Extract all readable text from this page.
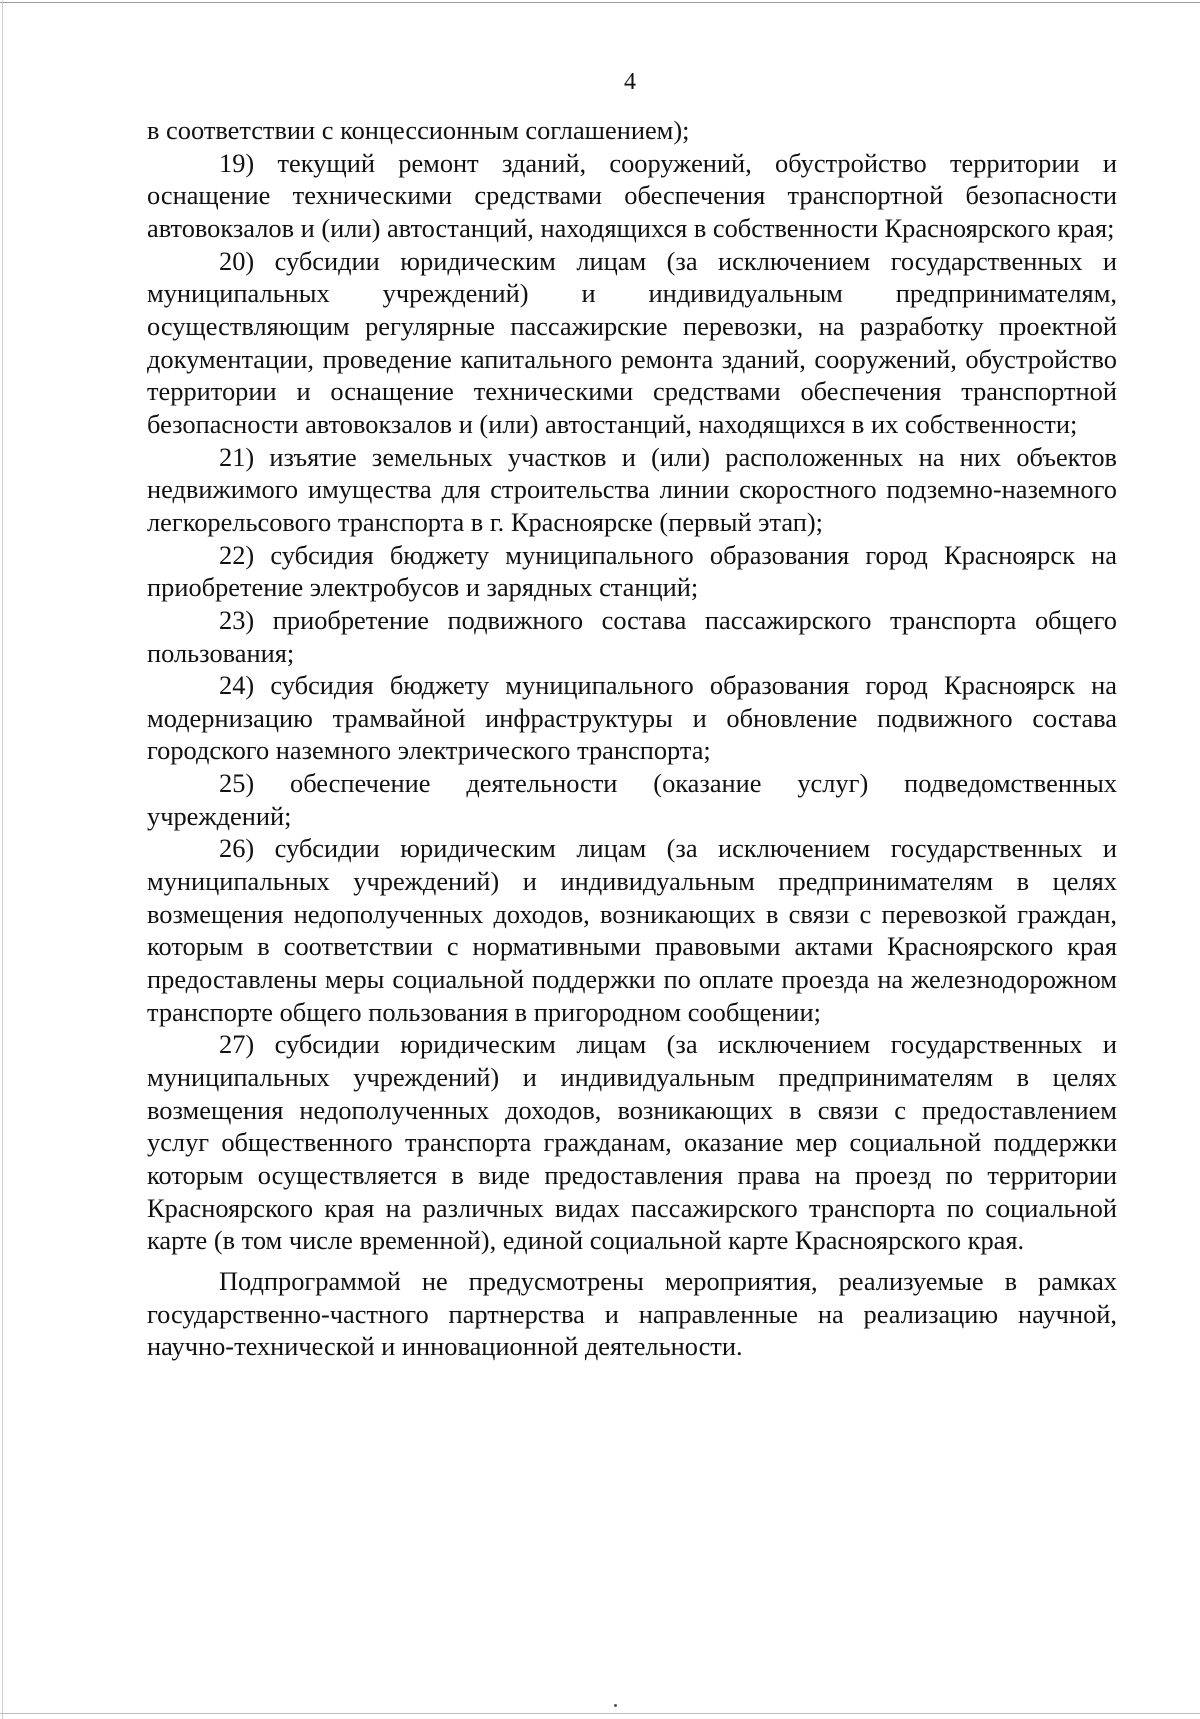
4

в соответствии с концессионным соглашением);

19) текущий ремонт зданий, сооружений, обустройство территории и оснащение техническими средствами обеспечения транспортной безопасности автовокзалов и (или) автостанций, находящихся в собственности Красноярского края;

20) субсидии юридическим лицам (за исключением государственных и муниципальных учреждений) и индивидуальным предпринимателям, осуществляющим регулярные пассажирские перевозки, на разработку проектной документации, проведение капитального ремонта зданий, сооружений, обустройство территории и оснащение техническими средствами обеспечения транспортной безопасности автовокзалов и (или) автостанций, находящихся в их собственности;

21) изъятие земельных участков и (или) расположенных на них объектов недвижимого имущества для строительства линии скоростного подземно-наземного легкорельсового транспорта в г. Красноярске (первый этап);

22) субсидия бюджету муниципального образования город Красноярск на приобретение электробусов и зарядных станций;

23) приобретение подвижного состава пассажирского транспорта общего пользования;

24) субсидия бюджету муниципального образования город Красноярск на модернизацию трамвайной инфраструктуры и обновление подвижного состава городского наземного электрического транспорта;

25) обеспечение деятельности (оказание услуг) подведомственных учреждений;

26) субсидии юридическим лицам (за исключением государственных и муниципальных учреждений) и индивидуальным предпринимателям в целях возмещения недополученных доходов, возникающих в связи с перевозкой граждан, которым в соответствии с нормативными правовыми актами Красноярского края предоставлены меры социальной поддержки по оплате проезда на железнодорожном транспорте общего пользования в пригородном сообщении;

27) субсидии юридическим лицам (за исключением государственных и муниципальных учреждений) и индивидуальным предпринимателям в целях возмещения недополученных доходов, возникающих в связи с предоставлением услуг общественного транспорта гражданам, оказание мер социальной поддержки которым осуществляется в виде предоставления права на проезд по территории Красноярского края на различных видах пассажирского транспорта по социальной карте (в том числе временной), единой социальной карте Красноярского края.

Подпрограммой не предусмотрены мероприятия, реализуемые в рамках государственно-частного партнерства и направленные на реализацию научной, научно-технической и инновационной деятельности.
